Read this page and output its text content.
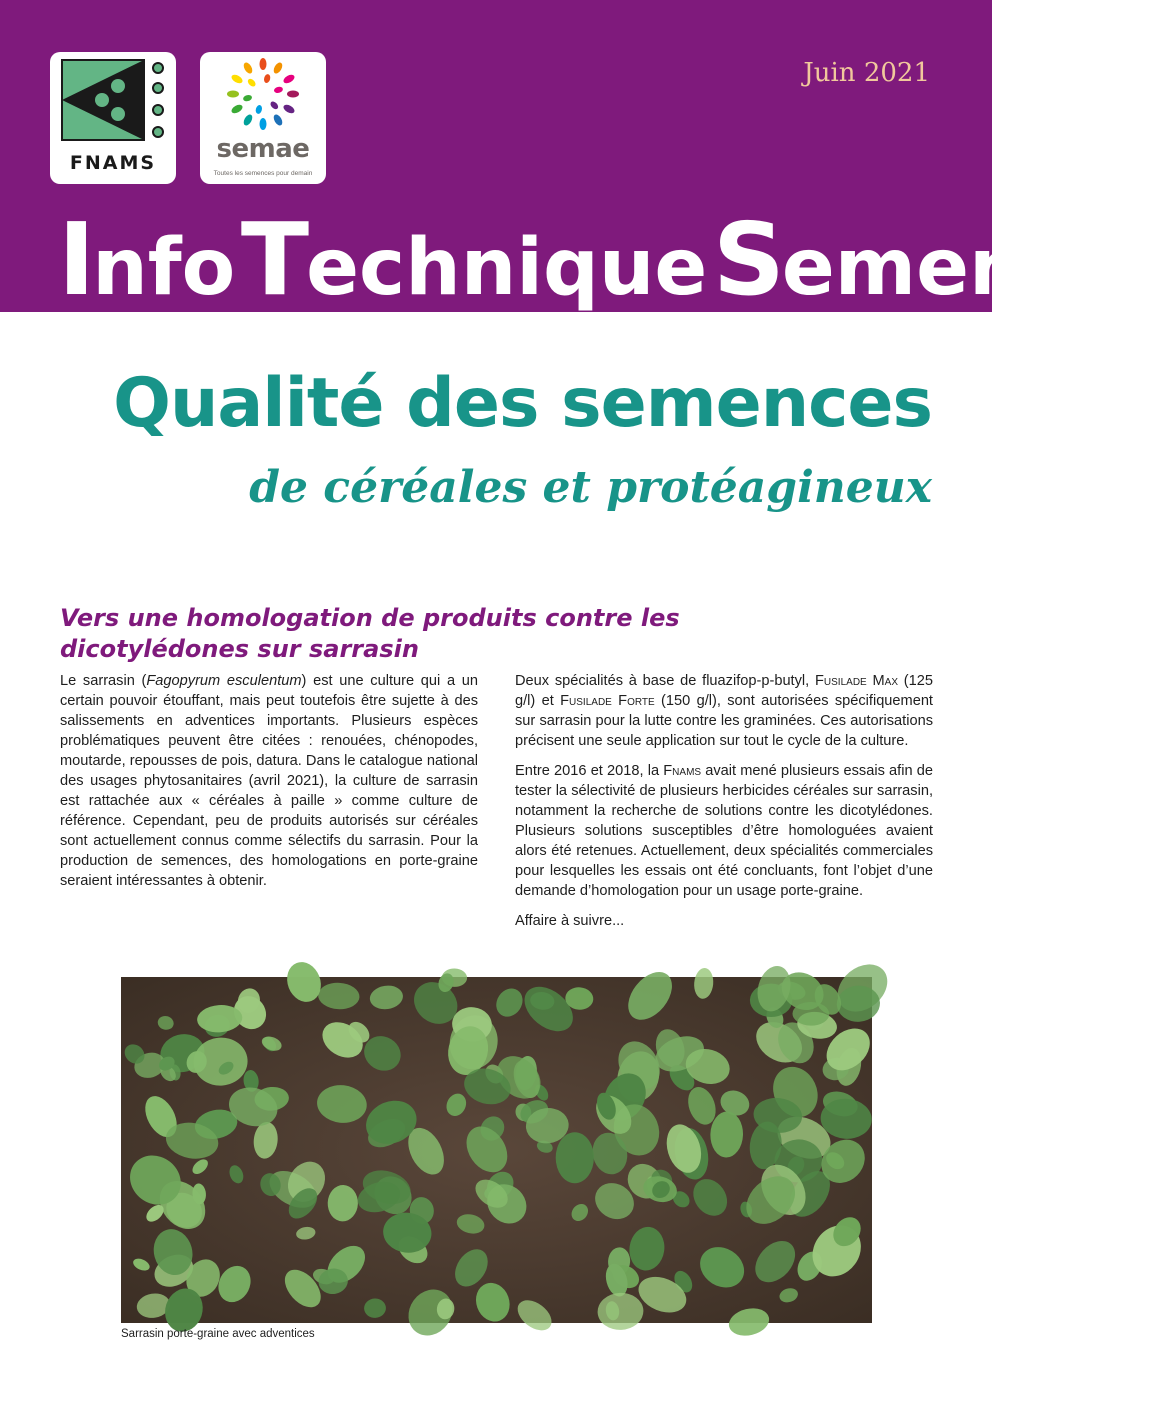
FNAMS	semae
Toutes les semences pour demain
Juin 2021
Info Technique Semences
Qualité des semences
de céréales et protéagineux
Vers une homologation de produits contre les dicotylédones sur sarrasin

Le sarrasin (Fagopyrum esculentum) est une culture qui a un certain pouvoir étouffant, mais peut toutefois être sujette à des salissements en adventices importants. Plusieurs espèces problématiques peuvent être citées : renouées, chénopodes, moutarde, repousses de pois, datura. Dans le catalogue national des usages phytosanitaires (avril 2021), la culture de sarrasin est rattachée aux « céréales à paille » comme culture de référence. Cependant, peu de produits autorisés sur céréales sont actuellement connus comme sélectifs du sarrasin. Pour la production de semences, des homologations en porte-graine seraient intéressantes à obtenir.

Deux spécialités à base de fluazifop-p-butyl, Fusilade Max (125 g/l) et Fusilade Forte (150 g/l), sont autorisées spécifiquement sur sarrasin pour la lutte contre les graminées. Ces autorisations précisent une seule application sur tout le cycle de la culture.

Entre 2016 et 2018, la Fnams avait mené plusieurs essais afin de tester la sélectivité de plusieurs herbicides céréales sur sarrasin, notamment la recherche de solutions contre les dicotylédones. Plusieurs solutions susceptibles d’être homologuées avaient alors été retenues. Actuellement, deux spécialités commerciales pour lesquelles les essais ont été concluants, font l’objet d’une demande d’homologation pour un usage porte-graine.

Affaire à suivre...

Sarrasin porte-graine avec adventices
